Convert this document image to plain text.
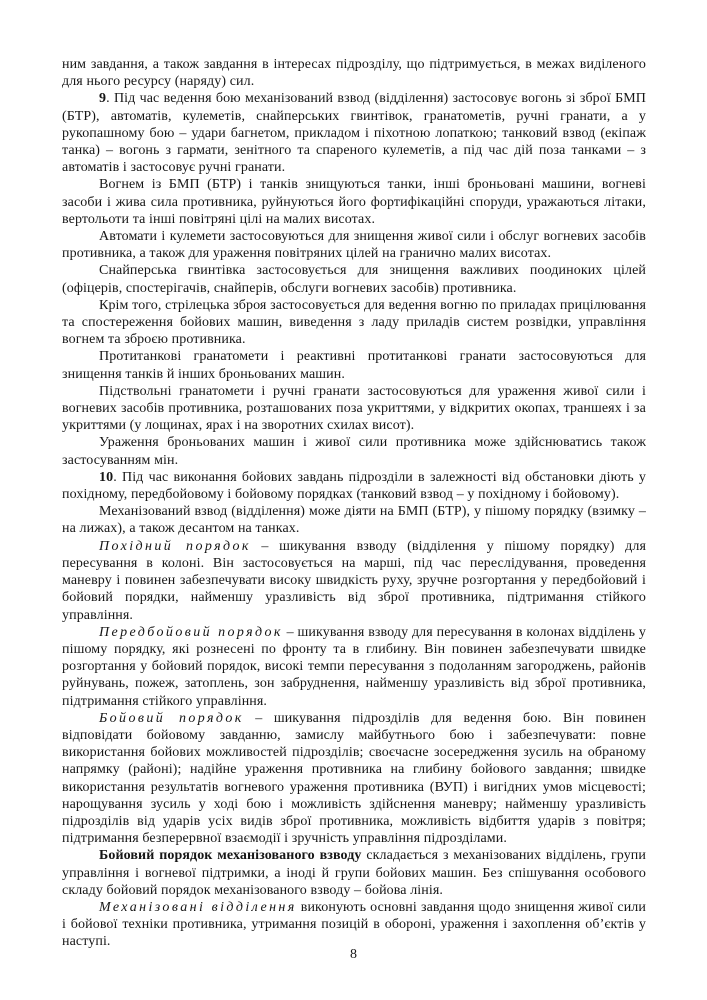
ним завдання, а також завдання в інтересах підрозділу, що підтримується, в межах виділеного для нього ресурсу (наряду) сил.

9. Під час ведення бою механізований взвод (відділення) застосовує вогонь зі зброї БМП (БТР), автоматів, кулеметів, снайперських гвинтівок, гранатометів, ручні гранати, а у рукопашному бою – удари багнетом, прикладом і піхотною лопаткою; танковий взвод (екіпаж танка) – вогонь з гармати, зенітного та спареного кулеметів, а під час дій поза танками – з автоматів і застосовує ручні гранати.

Вогнем із БМП (БТР) і танків знищуються танки, інші броньовані машини, вогневі засоби і жива сила противника, руйнуються його фортифікаційні споруди, уражаються літаки, вертольоти та інші повітряні цілі на малих висотах.

Автомати і кулемети застосовуються для знищення живої сили і обслуг вогневих засобів противника, а також для ураження повітряних цілей на гранично малих висотах.

Снайперська гвинтівка застосовується для знищення важливих поодиноких цілей (офіцерів, спостерігачів, снайперів, обслуги вогневих засобів) противника.

Крім того, стрілецька зброя застосовується для ведення вогню по приладах прицілювання та спостереження бойових машин, виведення з ладу приладів систем розвідки, управління вогнем та зброєю противника.

Протитанкові гранатомети і реактивні протитанкові гранати застосовуються для знищення танків й інших броньованих машин.

Підствольні гранатомети і ручні гранати застосовуються для ураження живої сили і вогневих засобів противника, розташованих поза укриттями, у відкритих окопах, траншеях і за укриттями (у лощинах, ярах і на зворотних схилах висот).

Ураження броньованих машин і живої сили противника може здійснюватись також застосуванням мін.

10. Під час виконання бойових завдань підрозділи в залежності від обстановки діють у похідному, передбойовому і бойовому порядках (танковий взвод – у похідному і бойовому).

Механізований взвод (відділення) може діяти на БМП (БТР), у пішому порядку (взимку – на лижах), а також десантом на танках.

Похідний порядок – шикування взводу (відділення у пішому порядку) для пересування в колоні. Він застосовується на марші, під час переслідування, проведення маневру і повинен забезпечувати високу швидкість руху, зручне розгортання у передбойовий і бойовий порядки, найменшу уразливість від зброї противника, підтримання стійкого управління.

Передбойовий порядок – шикування взводу для пересування в колонах відділень у пішому порядку, які рознесені по фронту та в глибину. Він повинен забезпечувати швидке розгортання у бойовий порядок, високі темпи пересування з подоланням загороджень, районів руйнувань, пожеж, затоплень, зон забруднення, найменшу уразливість від зброї противника, підтримання стійкого управління.

Бойовий порядок – шикування підрозділів для ведення бою. Він повинен відповідати бойовому завданню, замислу майбутнього бою і забезпечувати: повне використання бойових можливостей підрозділів; своєчасне зосередження зусиль на обраному напрямку (районі); надійне ураження противника на глибину бойового завдання; швидке використання результатів вогневого ураження противника (ВУП) і вигідних умов місцевості; нарощування зусиль у ході бою і можливість здійснення маневру; найменшу уразливість підрозділів від ударів усіх видів зброї противника, можливість відбиття ударів з повітря; підтримання безперервної взаємодії і зручність управління підрозділами.

Бойовий порядок механізованого взводу складається з механізованих відділень, групи управління і вогневої підтримки, а іноді й групи бойових машин. Без спішування особового складу бойовий порядок механізованого взводу – бойова лінія.

Механізовані відділення виконують основні завдання щодо знищення живої сили і бойової техніки противника, утримання позицій в обороні, ураження і захоплення об’єктів у наступі.

8
